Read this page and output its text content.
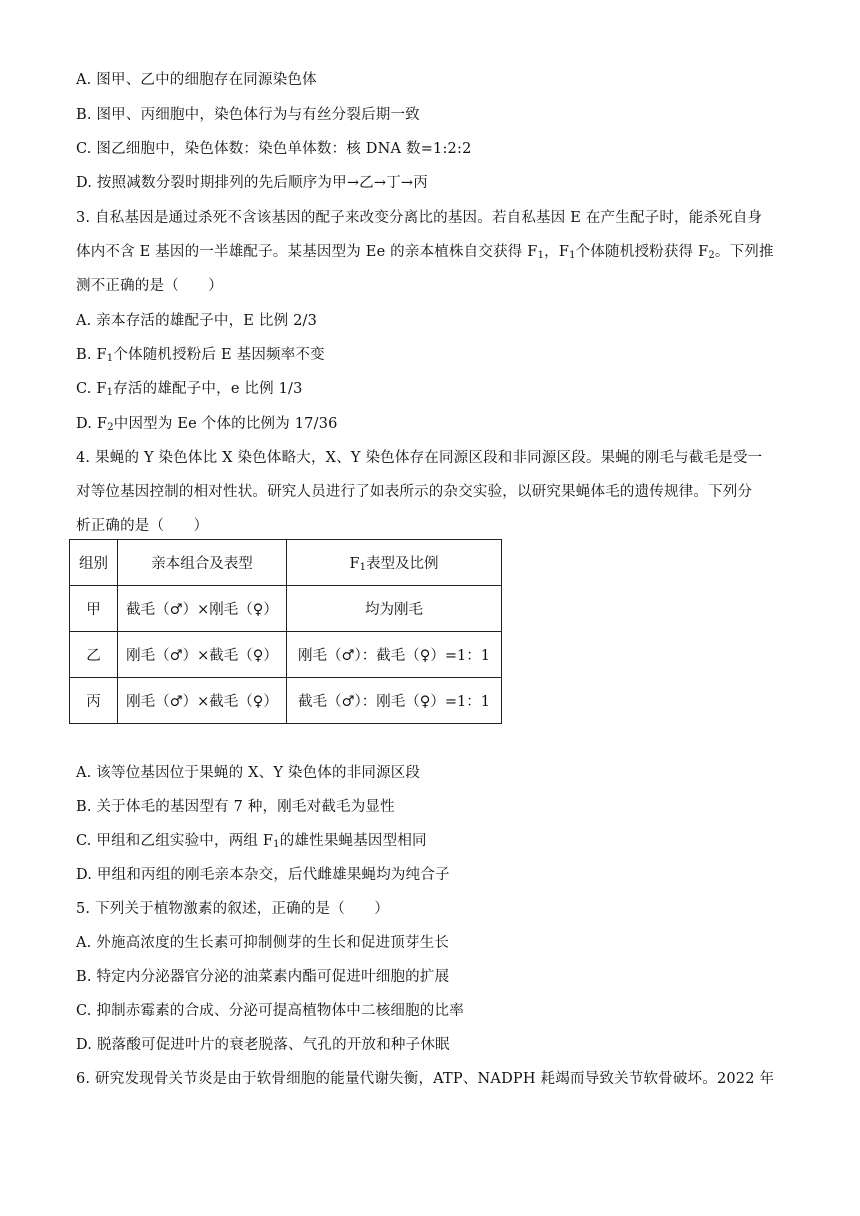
A. 图甲、乙中的细胞存在同源染色体
B. 图甲、丙细胞中，染色体行为与有丝分裂后期一致
C. 图乙细胞中，染色体数：染色单体数：核 DNA 数=1:2:2
D. 按照减数分裂时期排列的先后顺序为甲→乙→丁→丙
3. 自私基因是通过杀死不含该基因的配子来改变分离比的基因。若自私基因 E 在产生配子时，能杀死自身
体内不含 E 基因的一半雄配子。某基因型为 Ee 的亲本植株自交获得 $F_1$，$F_1$个体随机授粉获得 $F_2$。下列推
测不正确的是（　　）
A. 亲本存活的雄配子中，E 比例 2/3
B. $F_1$个体随机授粉后 E 基因频率不变
C. $F_1$存活的雄配子中，e 比例 1/3
D. $F_2$中因型为 Ee 个体的比例为 17/36
4. 果蝇的 Y 染色体比 X 染色体略大，X、Y 染色体存在同源区段和非同源区段。果蝇的刚毛与截毛是受一
对等位基因控制的相对性状。研究人员进行了如表所示的杂交实验，以研究果蝇体毛的遗传规律。下列分
析正确的是（　　）
组别	亲本组合及表型	$F_1$表型及比例
甲	截毛（♂）×刚毛（♀）	均为刚毛
乙	刚毛（♂）×截毛（♀）	刚毛（♂）：截毛（♀）=1：1
丙	刚毛（♂）×截毛（♀）	截毛（♂）：刚毛（♀）=1：1
A. 该等位基因位于果蝇的 X、Y 染色体的非同源区段
B. 关于体毛的基因型有 7 种，刚毛对截毛为显性
C. 甲组和乙组实验中，两组 $F_1$的雄性果蝇基因型相同
D. 甲组和丙组的刚毛亲本杂交，后代雌雄果蝇均为纯合子
5. 下列关于植物激素的叙述，正确的是（　　）
A. 外施高浓度的生长素可抑制侧芽的生长和促进顶芽生长
B. 特定内分泌器官分泌的油菜素内酯可促进叶细胞的扩展
C. 抑制赤霉素的合成、分泌可提高植物体中二核细胞的比率
D. 脱落酸可促进叶片的衰老脱落、气孔的开放和种子休眠
6. 研究发现骨关节炎是由于软骨细胞的能量代谢失衡，ATP、NADPH 耗竭而导致关节软骨破坏。2022 年
